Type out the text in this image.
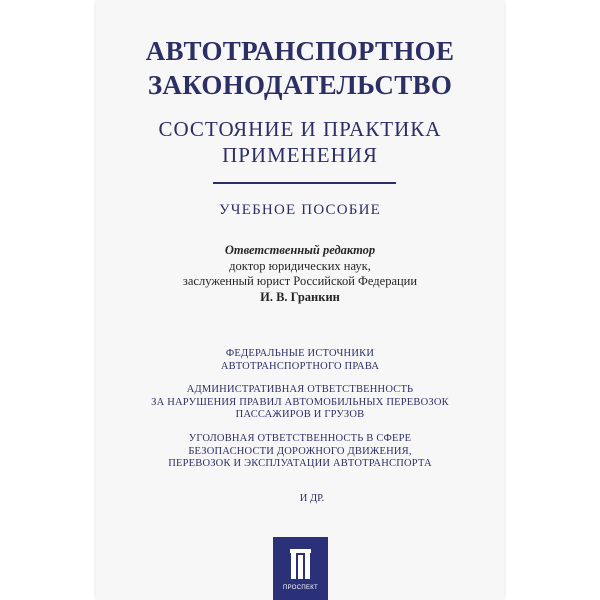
АВТОТРАНСПОРТНОЕ
ЗАКОНОДАТЕЛЬСТВО
СОСТОЯНИЕ И ПРАКТИКА
ПРИМЕНЕНИЯ
УЧЕБНОЕ ПОСОБИЕ
Ответственный редактор
доктор юридических наук,
заслуженный юрист Российской Федерации
И. В. Гранкин
ФЕДЕРАЛЬНЫЕ ИСТОЧНИКИ
АВТОТРАНСПОРТНОГО ПРАВА
АДМИНИСТРАТИВНАЯ ОТВЕТСТВЕННОСТЬ
ЗА НАРУШЕНИЯ ПРАВИЛ АВТОМОБИЛЬНЫХ ПЕРЕВОЗОК
ПАССАЖИРОВ И ГРУЗОВ
УГОЛОВНАЯ ОТВЕТСТВЕННОСТЬ В СФЕРЕ
БЕЗОПАСНОСТИ ДОРОЖНОГО ДВИЖЕНИЯ,
ПЕРЕВОЗОК И ЭКСПЛУАТАЦИИ АВТОТРАНСПОРТА
И ДР.
ПРОСПЕКТ
